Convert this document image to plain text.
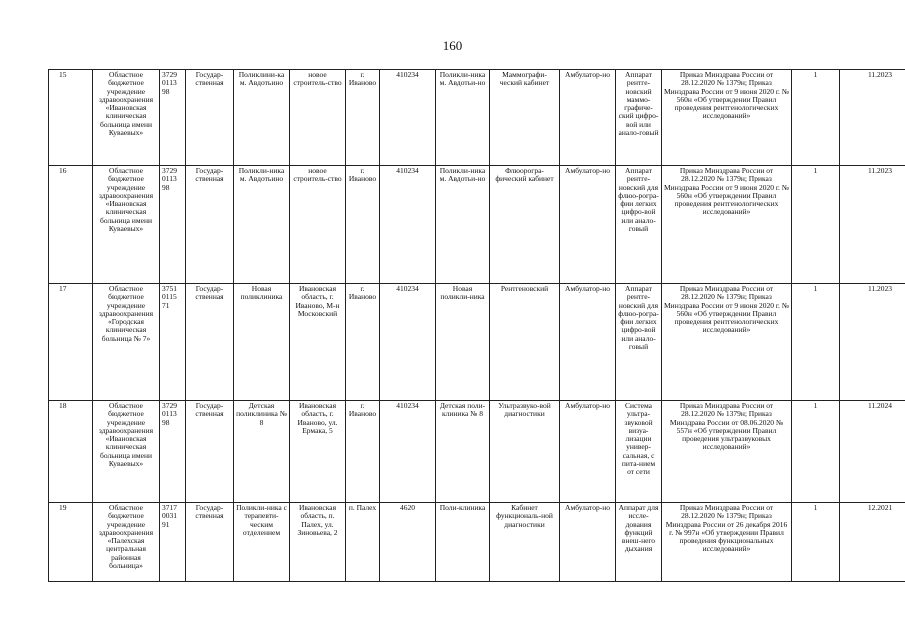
160
15	Областное бюджетное учреждение здравоохранения «Ивановская клиническая больница имени Куваевых»	3729 0113 98	Государ-ственная	Поликлини-ка м. Авдотьино	новое строитель-ство	г. Иваново	410234	Поликли-ника м. Авдотьи-но	Маммографи-ческий кабинет	Амбулатор-но	Аппарат рентге-новский маммо-графиче-ский цифро-вой или анало-говый	Приказ Минздрава России от 28.12.2020 № 1379н; Приказ Минздрава России от 9 июня 2020 г. № 560н «Об утверждении Правил проведения рентгенологических исследований»	1	11.2023
16	Областное бюджетное учреждение здравоохранения «Ивановская клиническая больница имени Куваевых»	3729 0113 98	Государ-ственная	Поликли-ника м. Авдотьино	новое строитель-ство	г. Иваново	410234	Поликли-ника м. Авдотьи-но	Флюорогра-фический кабинет	Амбулатор-но	Аппарат рентге-новский для флюо-рогра-фии легких цифро-вой или анало-говый	Приказ Минздрава России от 28.12.2020 № 1379н; Приказ Минздрава России от 9 июня 2020 г. № 560н «Об утверждении Правил проведения рентгенологических исследований»	1	11.2023
17	Областное бюджетное учреждение здравоохранения «Городская клиническая больница № 7»	3751 0115 71	Государ-ственная	Новая поликлиника	Ивановская область, г. Иваново, М-н Московский	г. Иваново	410234	Новая поликли-ника	Рентгеновский	Амбулатор-но	Аппарат рентге-новский для флюо-рогра-фии легких цифро-вой или анало-говый	Приказ Минздрава России от 28.12.2020 № 1379н; Приказ Минздрава России от 9 июня 2020 г. № 560н «Об утверждении Правил проведения рентгенологических исследований»	1	11.2023
18	Областное бюджетное учреждение здравоохранения «Ивановская клиническая больница имени Куваевых»	3729 0113 98	Государ-ственная	Детская поликлиника № 8	Ивановская область, г. Иваново, ул. Ермака, 5	г. Иваново	410234	Детская поли-клиника № 8	Ультразвуко-вой диагностики	Амбулатор-но	Система ультра-звуковой визуа-лизации универ-сальная, с пита-нием от сети	Приказ Минздрава России от 28.12.2020 № 1379н; Приказ Минздрава России от 08.06.2020 № 557н «Об утверждении Правил проведения ультразвуковых исследований»	1	11.2024
19	Областное бюджетное учреждение здравоохранения «Палехская центральная районная больница»	3717 0031 91	Государ-ственная	Поликли-ника с терапевти-ческим отделением	Ивановская область, п. Палех, ул. Зиновьева, 2	п. Палех	4620	Поли-клиника	Кабинет функциональ-ной диагностики	Амбулатор-но	Аппарат для иссле-дования функций внеш-него дыхания	Приказ Минздрава России от 28.12.2020 № 1379н; Приказ Минздрава России от 26 декабря 2016 г. № 997н «Об утверждении Правил проведения функциональных исследований»	1	12.2021
